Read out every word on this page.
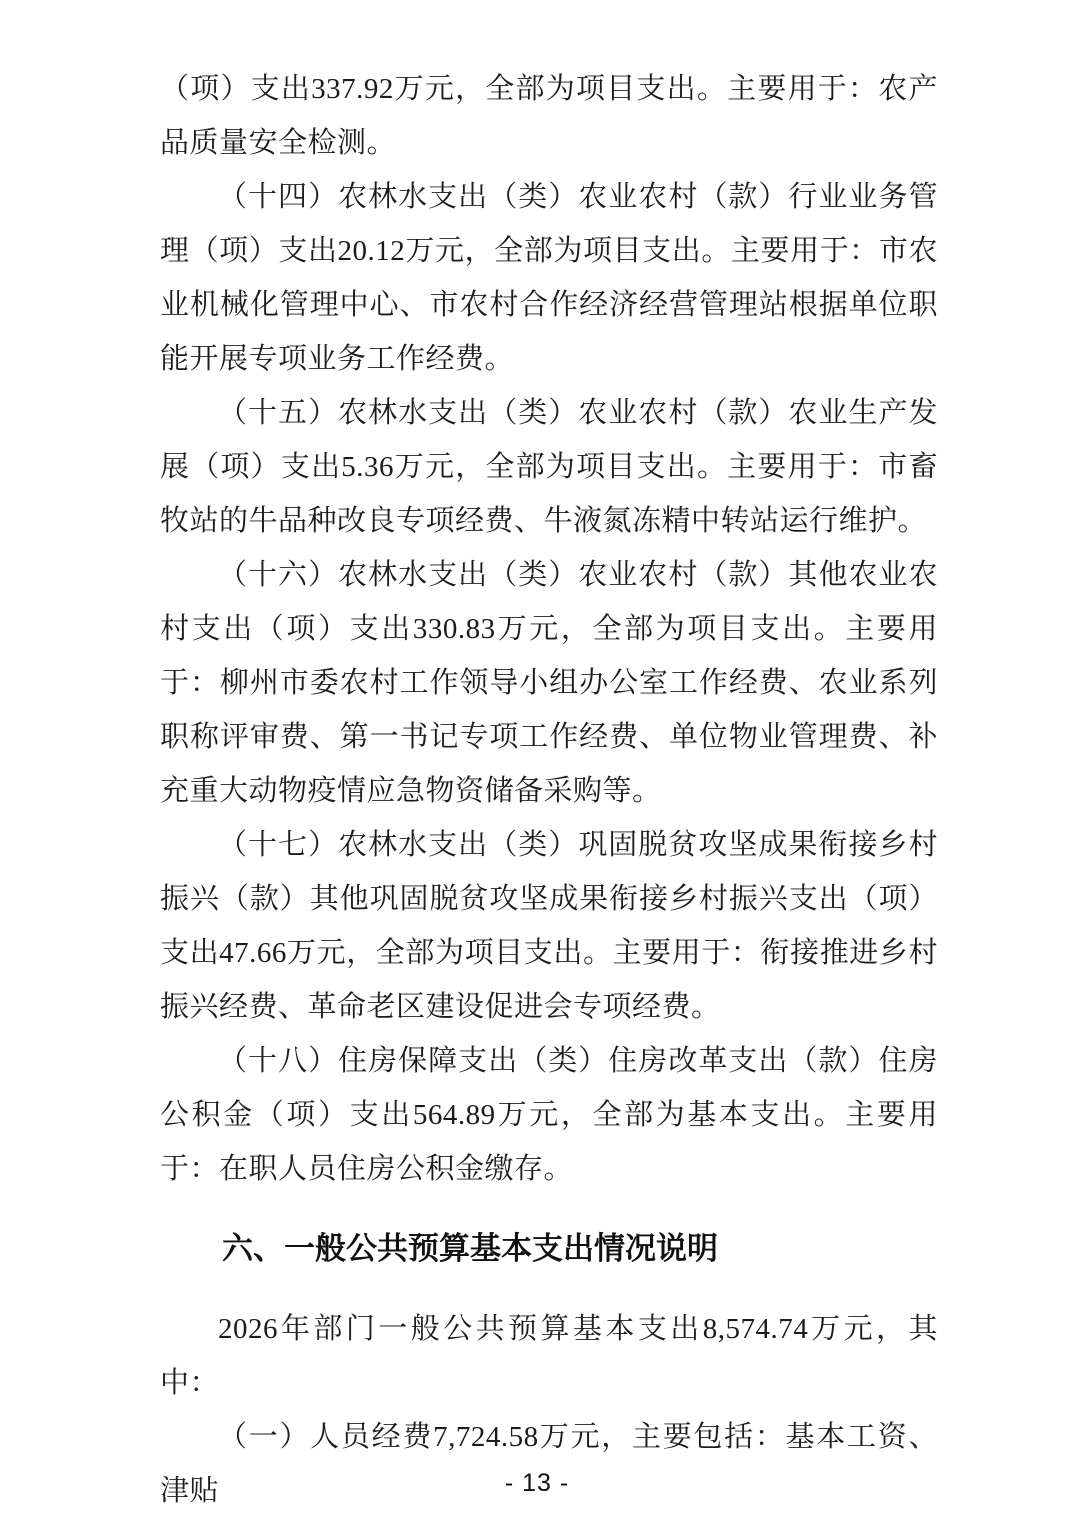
（项）支出337.92万元，全部为项目支出。主要用于：农产品质量安全检测。

（十四）农林水支出（类）农业农村（款）行业业务管理（项）支出20.12万元，全部为项目支出。主要用于：市农业机械化管理中心、市农村合作经济经营管理站根据单位职能开展专项业务工作经费。

（十五）农林水支出（类）农业农村（款）农业生产发展（项）支出5.36万元，全部为项目支出。主要用于：市畜牧站的牛品种改良专项经费、牛液氮冻精中转站运行维护。

（十六）农林水支出（类）农业农村（款）其他农业农村支出（项）支出330.83万元，全部为项目支出。主要用于：柳州市委农村工作领导小组办公室工作经费、农业系列职称评审费、第一书记专项工作经费、单位物业管理费、补充重大动物疫情应急物资储备采购等。

（十七）农林水支出（类）巩固脱贫攻坚成果衔接乡村振兴（款）其他巩固脱贫攻坚成果衔接乡村振兴支出（项）支出47.66万元，全部为项目支出。主要用于：衔接推进乡村振兴经费、革命老区建设促进会专项经费。

（十八）住房保障支出（类）住房改革支出（款）住房公积金（项）支出564.89万元，全部为基本支出。主要用于：在职人员住房公积金缴存。

六、一般公共预算基本支出情况说明

2026年部门一般公共预算基本支出8,574.74万元，其中：

（一）人员经费7,724.58万元，主要包括：基本工资、津贴	- 13 -
